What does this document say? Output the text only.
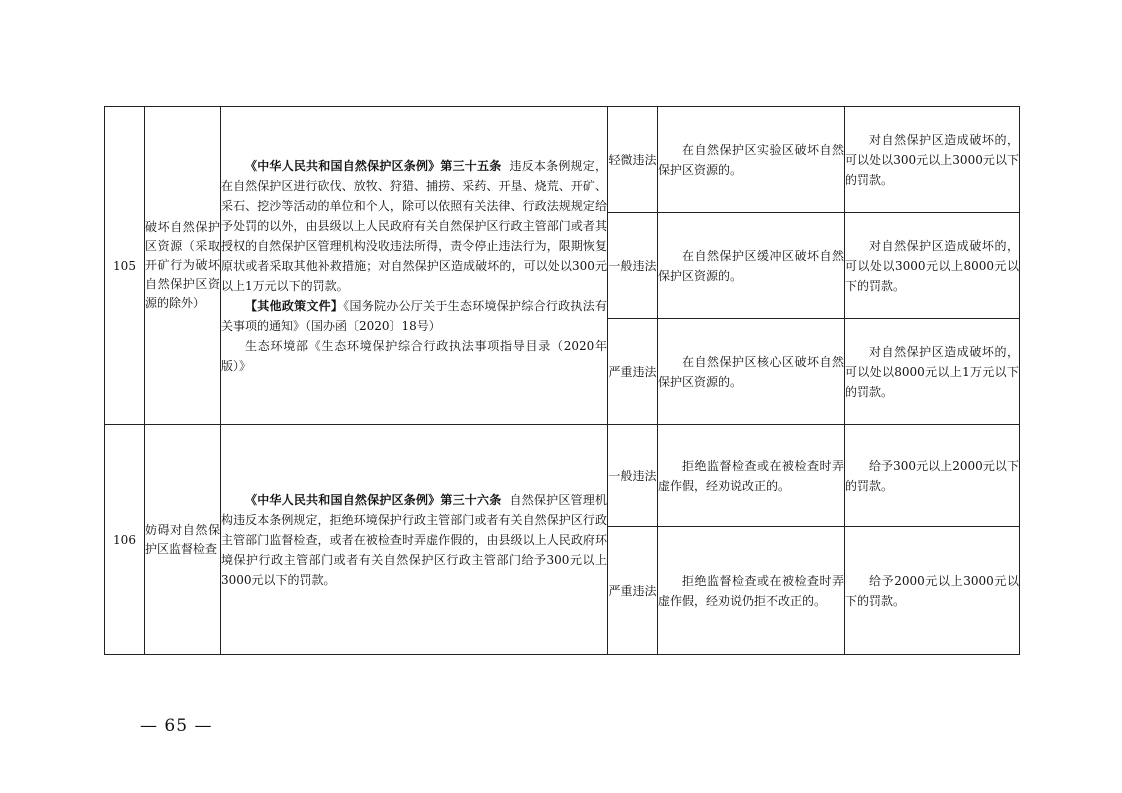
105	破坏自然保护区资源（采取开矿行为破坏自然保护区资源的除外）	《中华人民共和国自然保护区条例》第三十五条 违反本条例规定，在自然保护区进行砍伐、放牧、狩猎、捕捞、采药、开垦、烧荒、开矿、采石、挖沙等活动的单位和个人，除可以依照有关法律、行政法规规定给予处罚的以外，由县级以上人民政府有关自然保护区行政主管部门或者其授权的自然保护区管理机构没收违法所得，责令停止违法行为，限期恢复原状或者采取其他补救措施；对自然保护区造成破坏的，可以处以300元以上1万元以下的罚款。

【其他政策文件】《国务院办公厅关于生态环境保护综合行政执法有关事项的通知》（国办函〔2020〕18号）

生态环境部《生态环境保护综合行政执法事项指导目录（2020年版）》	轻微违法	在自然保护区实验区破坏自然保护区资源的。	对自然保护区造成破坏的，可以处以300元以上3000元以下的罚款。

			一般违法	在自然保护区缓冲区破坏自然保护区资源的。	对自然保护区造成破坏的，可以处以3000元以上8000元以下的罚款。

			严重违法	在自然保护区核心区破坏自然保护区资源的。	对自然保护区造成破坏的，可以处以8000元以上1万元以下的罚款。

106	妨碍对自然保护区监督检查	《中华人民共和国自然保护区条例》第三十六条 自然保护区管理机构违反本条例规定，拒绝环境保护行政主管部门或者有关自然保护区行政主管部门监督检查，或者在被检查时弄虚作假的，由县级以上人民政府环境保护行政主管部门或者有关自然保护区行政主管部门给予300元以上3000元以下的罚款。	一般违法	拒绝监督检查或在被检查时弄虚作假，经劝说改正的。	给予300元以上2000元以下的罚款。

			严重违法	拒绝监督检查或在被检查时弄虚作假，经劝说仍拒不改正的。	给予2000元以上3000元以下的罚款。

— 65 —
